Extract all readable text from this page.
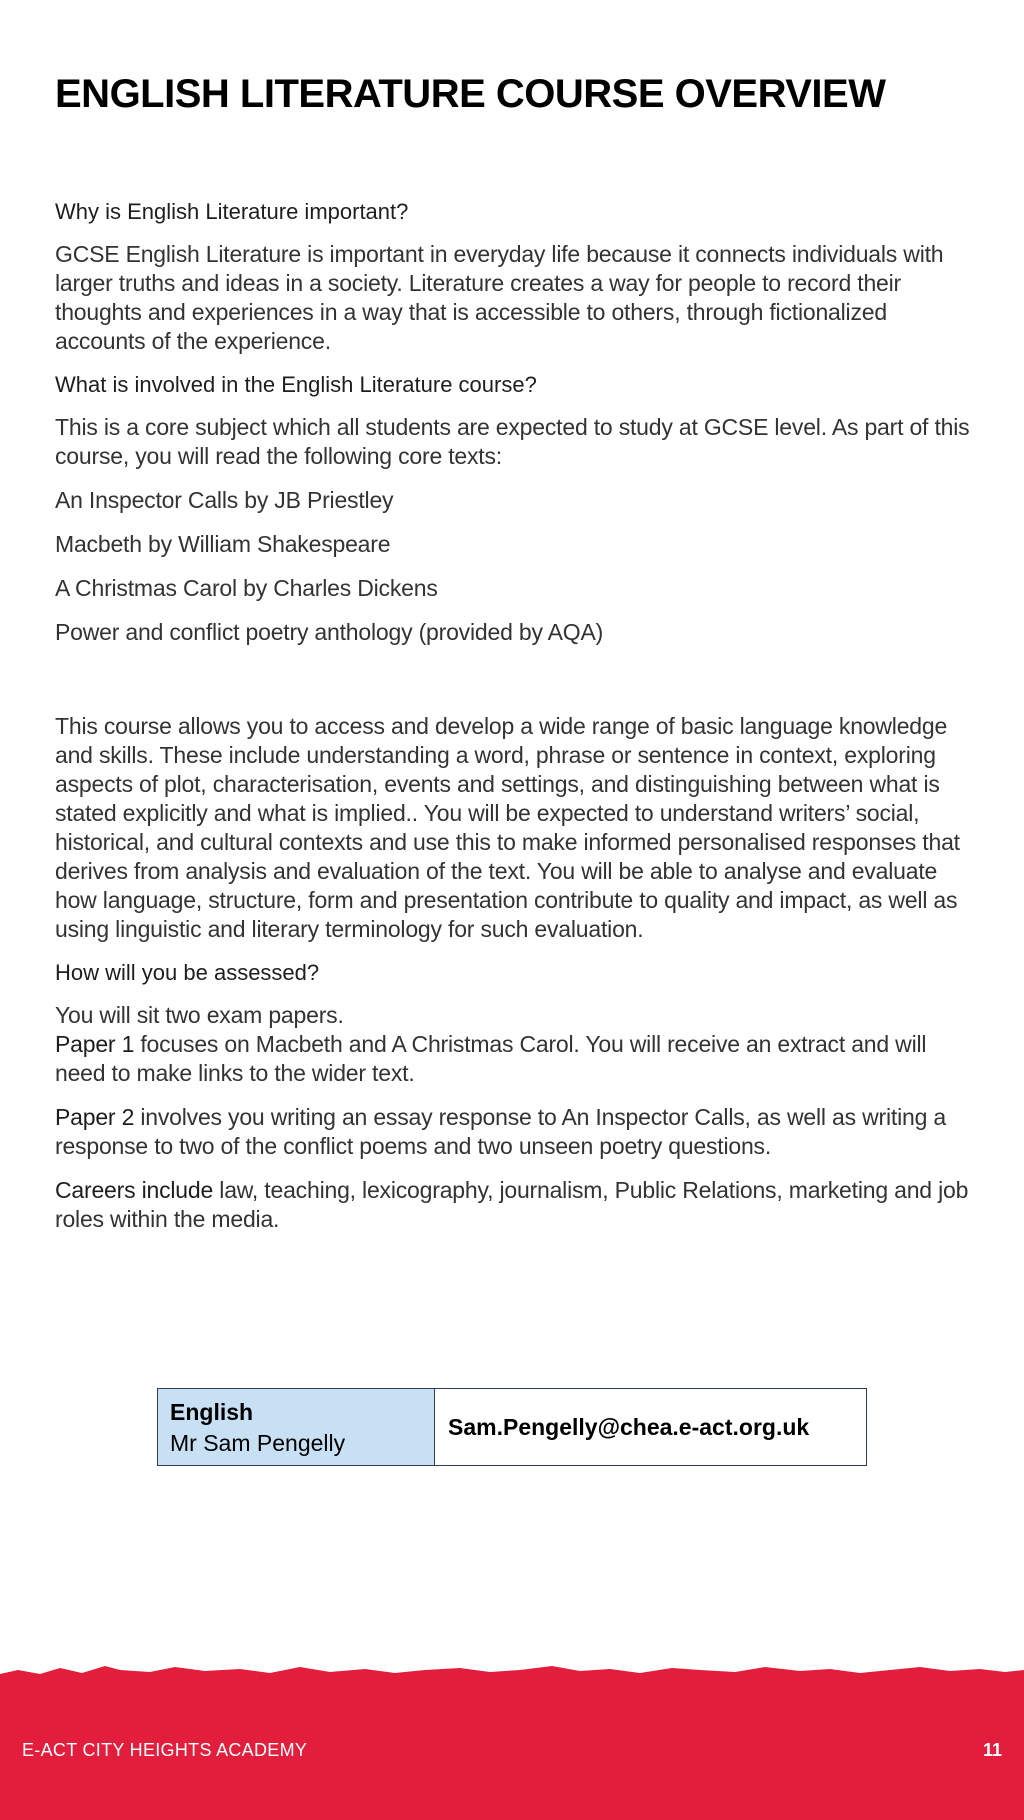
ENGLISH LITERATURE COURSE OVERVIEW
Why is English Literature important?

GCSE English Literature is important in everyday life because it connects individuals with larger truths and ideas in a society. Literature creates a way for people to record their thoughts and experiences in a way that is accessible to others, through fictionalized accounts of the experience.

What is involved in the English Literature course?

This is a core subject which all students are expected to study at GCSE level. As part of this course, you will read the following core texts:

An Inspector Calls by JB Priestley

Macbeth by William Shakespeare

A Christmas Carol by Charles Dickens

Power and conflict poetry anthology (provided by AQA)

This course allows you to access and develop a wide range of basic language knowledge and skills. These include understanding a word, phrase or sentence in context, exploring aspects of plot, characterisation, events and settings, and distinguishing between what is stated explicitly and what is implied.. You will be expected to understand writers’ social, historical, and cultural contexts and use this to make informed personalised responses that derives from analysis and evaluation of the text. You will be able to analyse and evaluate how language, structure, form and presentation contribute to quality and impact, as well as using linguistic and literary terminology for such evaluation.

How will you be assessed?

You will sit two exam papers.
Paper 1 focuses on Macbeth and A Christmas Carol. You will receive an extract and will need to make links to the wider text.

Paper 2 involves you writing an essay response to An Inspector Calls, as well as writing a response to two of the conflict poems and two unseen poetry questions.

Careers include law, teaching, lexicography, journalism, Public Relations, marketing and job roles within the media.

English
Mr Sam Pengelly
Sam.Pengelly@chea.e-act.org.uk
E-ACT CITY HEIGHTS ACADEMY	11
